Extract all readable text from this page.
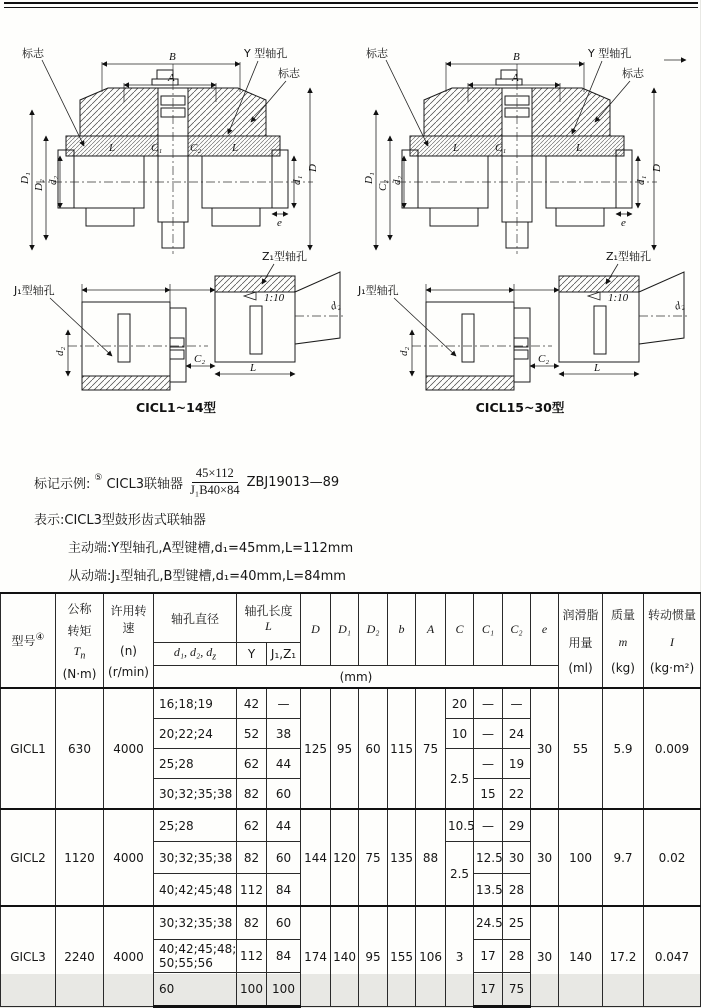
标志	Y 型轴孔
标志
B
A
D₁
D₂ d₂	d₁
D
L	C₁	C₂	L
e
J₁型轴孔
Z₁型轴孔
1:10
d₂
d₂
C₂
L
CICL1~14型
标志	Y 型轴孔
标志
B
A
D₁
C₂ d₂	d₁
D
L	C₁	L
e
J₁型轴孔
Z₁型轴孔
1:10
d₂
d₂
C₂
L
CICL15~30型
标记示例: ⑤ CICL3联轴器 $\frac{45\times 112}{\text{J₁B40×84}}$ ZBJ19013—89
表示:CICL3型鼓形齿式联轴器
主动端:Y型轴孔,A型键槽,d₁=45mm,L=112mm
从动端:J₁型轴孔,B型键槽,d₁=40mm,L=84mm
型号④	公称
转矩
$T_n$
(N·m)	许用转速
(n)
(r/min)	轴孔直径	轴孔长度
L		D	D₁	D₂	b	A	C	C₁	C₂	e	润滑脂
用量
(ml)	质量
m
(kg)	转动惯量
I
(kg·m²)

			d₁, d₂, $d_z$	Y	J₁,Z₁												
			(mm)														
GICL1	630	4000	16;18;19	42	—	125	95	60	115	75	20	—	—	30	55	5.9	0.009
			20;22;24	52	38						10	—	24				
			25;28	62	44						2.5	—	19				
			30;32;35;38	82	60							15	22				
GICL2	1120	4000	25;28	62	44	144	120	75	135	88	10.5	—	29	30	100	9.7	0.02
			30;32;35;38	82	60						2.5	12.5	30				
			40;42;45;48	112	84							13.5	28				
GICL3	2240	4000	30;32;35;38	82	60	174	140	95	155	106	3	24.5	25	30	140	17.2	0.047
			40;42;45;48; 50;55;56	112	84							17	28				
			60	100	100							17	75				
